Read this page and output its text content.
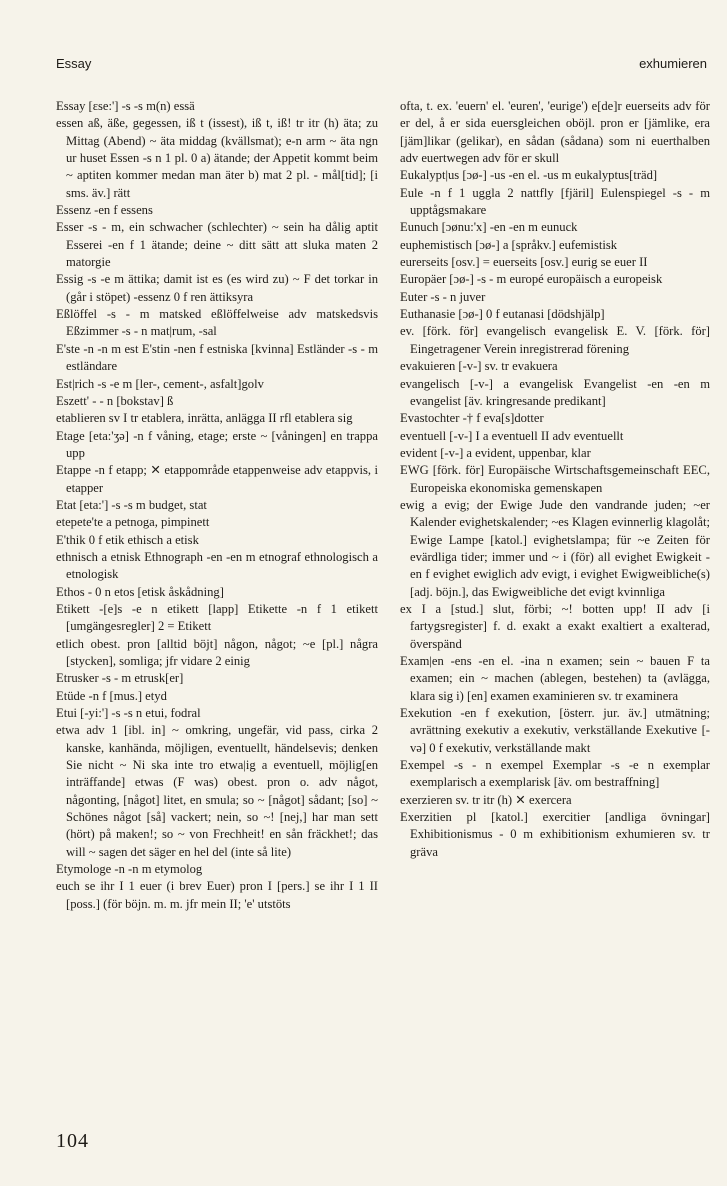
Essay	exhumieren

Essay [ɛse:'] -s -s m(n) essä

essen aß, äße, gegessen, iß t (issest), iß t, iß! tr itr (h) äta; zu Mittag (Abend) ~ äta middag (kvällsmat); e-n arm ~ äta ngn ur huset Essen -s n 1 pl. 0 a) ätande; der Appetit kommt beim ~ aptiten kommer medan man äter b) mat 2 pl. - mål[tid]; [i sms. äv.] rätt

Essenz -en f essens

Esser -s - m, ein schwacher (schlechter) ~ sein ha dålig aptit Esserei -en f 1 ätande; deine ~ ditt sätt att sluka maten 2 matorgie

Essig -s -e m ättika; damit ist es (es wird zu) ~ F det torkar in (går i stöpet) -essenz 0 f ren ättiksyra

Eßlöffel -s - m matsked eßlöffelweise adv matskedsvis Eßzimmer -s - n mat|rum, -sal

E'ste -n -n m est E'stin -nen f estniska [kvinna] Estländer -s - m estländare

Est|rich -s -e m [ler-, cement-, asfalt]golv

Eszett' - - n [bokstav] ß

etablieren sv I tr etablera, inrätta, anlägga II rfl etablera sig

Etage [eta:'ʒə] -n f våning, etage; erste ~ [våningen] en trappa upp

Etappe -n f etapp; ✕ etappområde etappenweise adv etappvis, i etapper

Etat [eta:'] -s -s m budget, stat

etepete'te a petnoga, pimpinett

E'thik 0 f etik ethisch a etisk

ethnisch a etnisk Ethnograph -en -en m etnograf ethnologisch a etnologisk

Ethos - 0 n etos [etisk åskådning]

Etikett -[e]s -e n etikett [lapp] Etikette -n f 1 etikett [umgängesregler] 2 = Etikett

etlich obest. pron [alltid böjt] någon, något; ~e [pl.] några [stycken], somliga; jfr vidare 2 einig

Etrusker -s - m etrusk[er]

Etüde -n f [mus.] etyd

Etui [-yi:'] -s -s n etui, fodral

etwa adv 1 [ibl. in] ~ omkring, ungefär, vid pass, cirka 2 kanske, kanhända, möjligen, eventuellt, händelsevis; denken Sie nicht ~ Ni ska inte tro etwa|ig a eventuell, möjlig[en inträffande] etwas (F was) obest. pron o. adv något, någonting, [något] litet, en smula; so ~ [något] sådant; [so] ~ Schönes något [så] vackert; nein, so ~! [nej,] har man sett (hört) på maken!; so ~ von Frechheit! en sån fräckhet!; das will ~ sagen det säger en hel del (inte så lite)

Etymologe -n -n m etymolog

euch se ihr I 1 euer (i brev Euer) pron I [pers.] se ihr I 1 II [poss.] (för böjn. m. m. jfr mein II; 'e' utstöts

ofta, t. ex. 'euern' el. 'euren', 'eurige') e[de]r euerseits adv för er del, å er sida euersgleichen oböjl. pron er [jämlike, era [jäm]likar (gelikar), en sådan (sådana) som ni euerthalben adv euertwegen adv för er skull

Eukalypt|us [ɔø-] -us -en el. -us m eukalyptus[träd]

Eule -n f 1 uggla 2 nattfly [fjäril] Eulenspiegel -s - m upptågsmakare

Eunuch [ɔønu:'x] -en -en m eunuck

euphemistisch [ɔø-] a [språkv.] eufemistisk

eurerseits [osv.] = euerseits [osv.] eurig se euer II

Europäer [ɔø-] -s - m europé europäisch a europeisk

Euter -s - n juver

Euthanasie [ɔø-] 0 f eutanasi [dödshjälp]

ev. [förk. för] evangelisch evangelisk E. V. [förk. för] Eingetragener Verein inregistrerad förening

evakuieren [-v-] sv. tr evakuera

evangelisch [-v-] a evangelisk Evangelist -en -en m evangelist [äv. kringresande predikant]

Evastochter -† f eva[s]dotter

eventuell [-v-] I a eventuell II adv eventuellt

evident [-v-] a evident, uppenbar, klar

EWG [förk. för] Europäische Wirtschaftsgemeinschaft EEC, Europeiska ekonomiska gemenskapen

ewig a evig; der Ewige Jude den vandrande juden; ~er Kalender evighetskalender; ~es Klagen evinnerlig klagolåt; Ewige Lampe [katol.] evighetslampa; für ~e Zeiten för evärdliga tider; immer und ~ i (för) all evighet Ewigkeit -en f evighet ewiglich adv evigt, i evighet Ewigweibliche(s) [adj. böjn.], das Ewigweibliche det evigt kvinnliga

ex I a [stud.] slut, förbi; ~! botten upp! II adv [i fartygsregister] f. d. exakt a exakt exaltiert a exalterad, överspänd

Exam|en -ens -en el. -ina n examen; sein ~ bauen F ta examen; ein ~ machen (ablegen, bestehen) ta (avlägga, klara sig i) [en] examen examinieren sv. tr examinera

Exekution -en f exekution, [österr. jur. äv.] utmätning; avrättning exekutiv a exekutiv, verkställande Exekutive [-və] 0 f exekutiv, verkställande makt

Exempel -s - n exempel Exemplar -s -e n exemplar exemplarisch a exemplarisk [äv. om bestraffning]

exerzieren sv. tr itr (h) ✕ exercera

Exerzitien pl [katol.] exercitier [andliga övningar] Exhibitionismus - 0 m exhibitionism exhumieren sv. tr gräva

104
